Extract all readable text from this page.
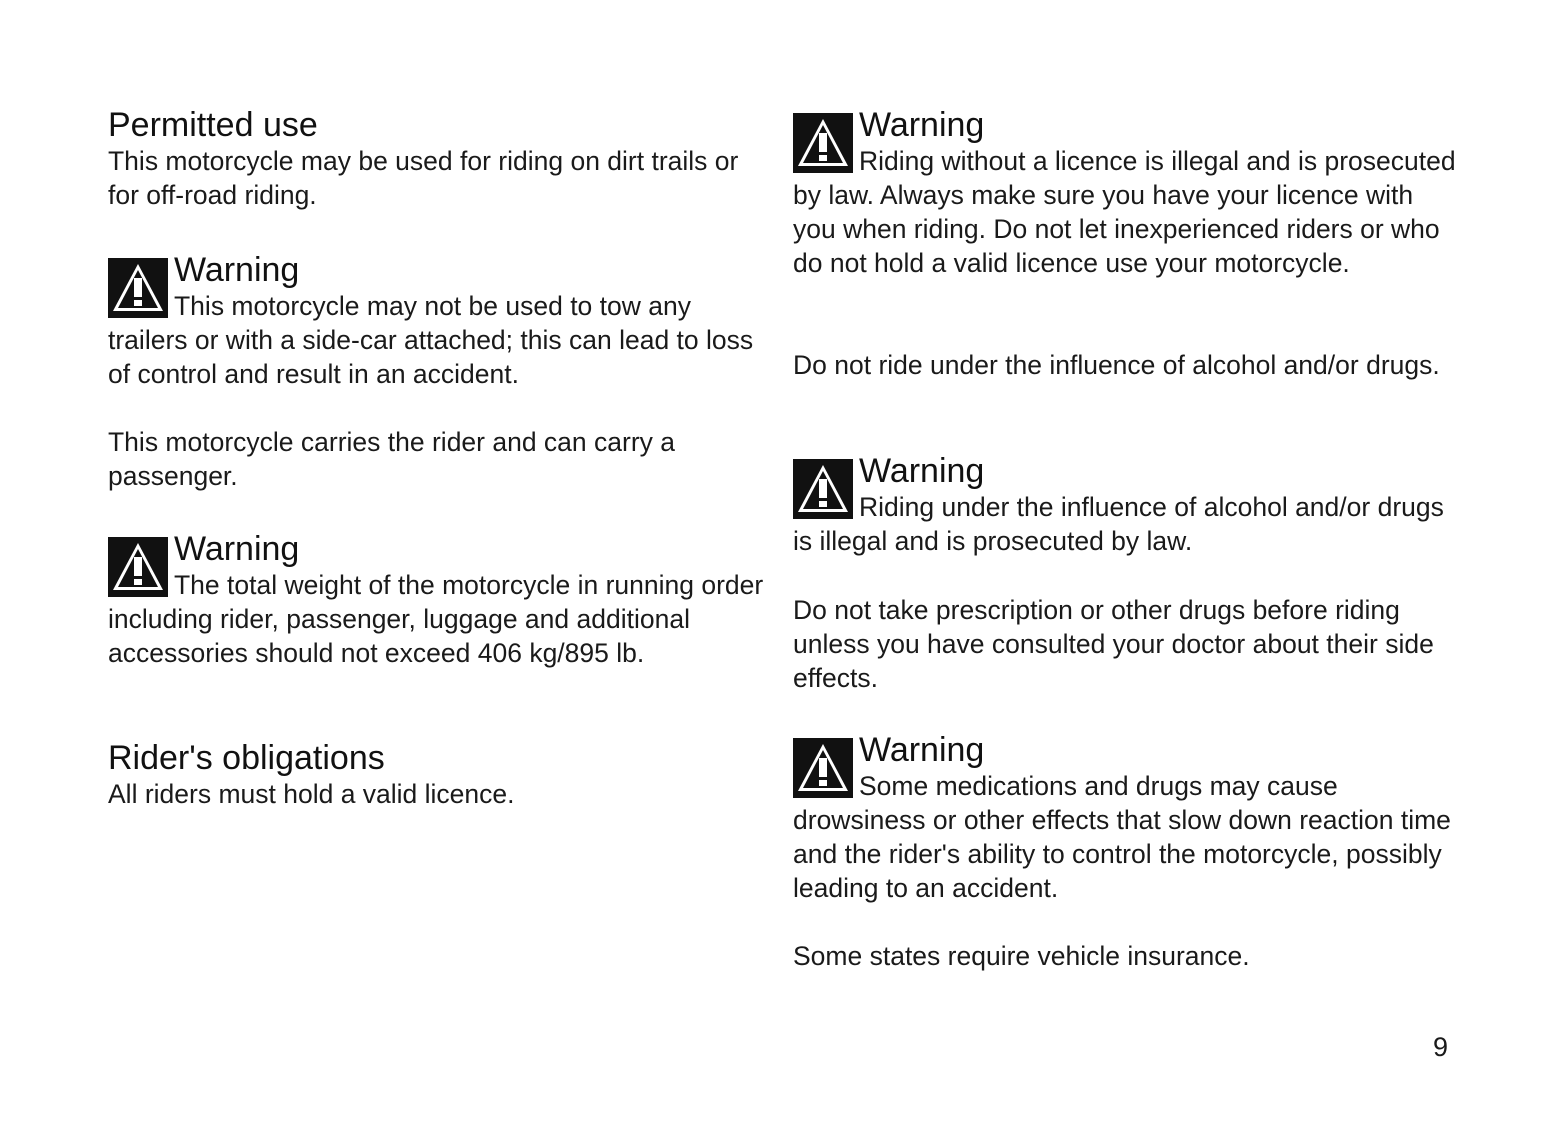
Permitted use

This motorcycle may be used for riding on dirt trails or for off-road riding.

Warning

This motorcycle may not be used to tow any trailers or with a side-car attached; this can lead to loss of control and result in an accident.

This motorcycle carries the rider and can carry a passenger.

Warning

The total weight of the motorcycle in running order including rider, passenger, luggage and additional accessories should not exceed 406 kg/895 lb.

Rider's obligations

All riders must hold a valid licence.

Warning

Riding without a licence is illegal and is prosecuted by law. Always make sure you have your licence with you when riding. Do not let inexperienced riders or who do not hold a valid licence use your motorcycle.

Do not ride under the influence of alcohol and/or drugs.

Warning

Riding under the influence of alcohol and/or drugs is illegal and is prosecuted by law.

Do not take prescription or other drugs before riding unless you have consulted your doctor about their side effects.

Warning

Some medications and drugs may cause drowsiness or other effects that slow down reaction time and the rider's ability to control the motorcycle, possibly leading to an accident.

Some states require vehicle insurance.

9
